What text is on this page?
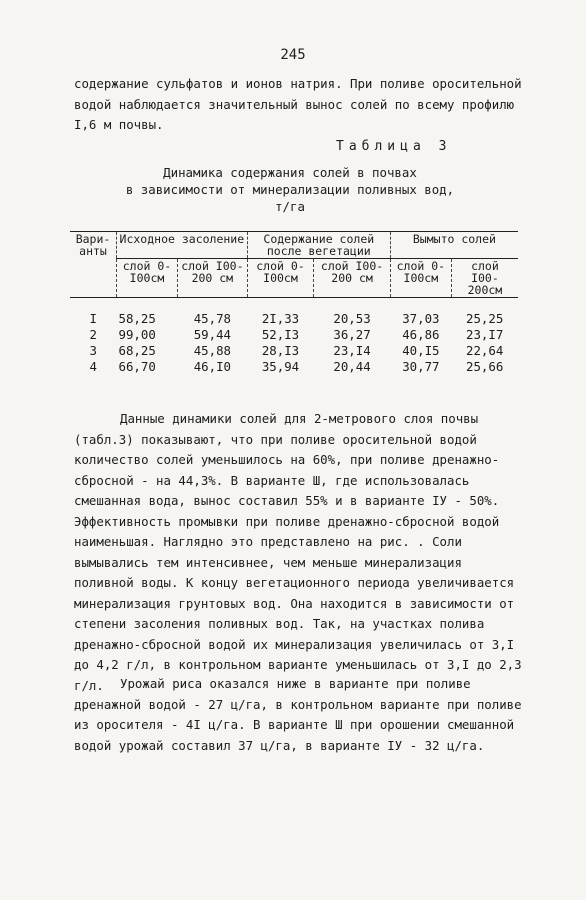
245

содержание сульфатов и ионов натрия. При поливе оросительной водой наблюдается значительный вынос солей по всему профилю I,6 м почвы.

Таблица 3
Динамика содержания солей в почвах
в зависимости от минерализации поливных вод,
т/га
Вари-анты	Исходное засоление		Содержание солей после вегетации		Вымыто солей	
	слой 0-I00см	слой I00-200 см	слой 0-I00см	слой I00-200 см	слой 0-I00см	слой I00-200см

I	58,25	45,78	2I,33	20,53	37,03	25,25
2	99,00	59,44	52,I3	36,27	46,86	23,I7
3	68,25	45,88	28,I3	23,I4	40,I5	22,64
4	66,70	46,I0	35,94	20,44	30,77	25,66

Данные динамики солей для 2-метрового слоя почвы (табл.3) показывают, что при поливе оросительной водой количество солей уменьшилось на 60%, при поливе дренажно-сбросной - на 44,3%. В варианте Ш, где использовалась смешанная вода, вынос составил 55% и в варианте IУ - 50%. Эффективность промывки при поливе дренажно-сбросной водой наименьшая. Наглядно это представлено на рис. . Соли вымывались тем интенсивнее, чем меньше минерализация поливной воды. К концу вегетационного периода увеличивается минерализация грунтовых вод. Она находится в зависимости от степени засоления поливных вод. Так, на участках полива дренажно-сбросной водой их минерализация увеличилась от 3,I до 4,2 г/л, в контрольном варианте уменьшилась от 3,I до 2,3 г/л.	Урожай риса оказался ниже в варианте при поливе дренажной водой - 27 ц/га, в контрольном варианте при поливе из оросителя - 4I ц/га. В варианте Ш при орошении смешанной водой урожай составил 37 ц/га, в варианте IУ - 32 ц/га.
